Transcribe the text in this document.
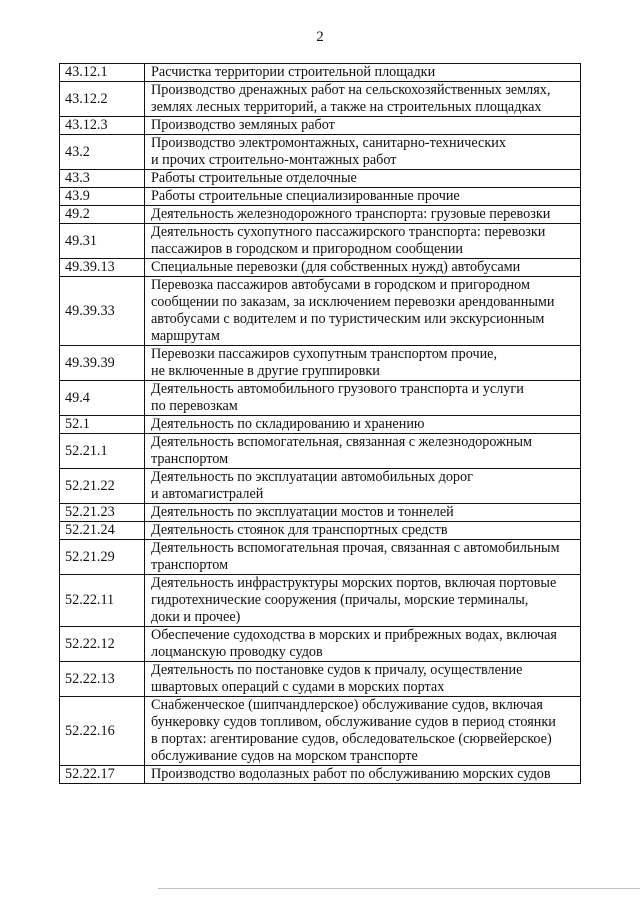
2
43.12.1	Расчистка территории строительной площадки

43.12.2	Производство дренажных работ на сельскохозяйственных землях,
землях лесных территорий, а также на строительных площадках

43.12.3	Производство земляных работ

43.2	Производство электромонтажных, санитарно-технических
и прочих строительно-монтажных работ

43.3	Работы строительные отделочные

43.9	Работы строительные специализированные прочие

49.2	Деятельность железнодорожного транспорта: грузовые перевозки

49.31	Деятельность сухопутного пассажирского транспорта: перевозки
пассажиров в городском и пригородном сообщении

49.39.13	Специальные перевозки (для собственных нужд) автобусами

49.39.33	Перевозка пассажиров автобусами в городском и пригородном
сообщении по заказам, за исключением перевозки арендованными
автобусами с водителем и по туристическим или экскурсионным
маршрутам

49.39.39	Перевозки пассажиров сухопутным транспортом прочие,
не включенные в другие группировки

49.4	Деятельность автомобильного грузового транспорта и услуги
по перевозкам

52.1	Деятельность по складированию и хранению

52.21.1	Деятельность вспомогательная, связанная с железнодорожным
транспортом

52.21.22	Деятельность по эксплуатации автомобильных дорог
и автомагистралей

52.21.23	Деятельность по эксплуатации мостов и тоннелей

52.21.24	Деятельность стоянок для транспортных средств

52.21.29	Деятельность вспомогательная прочая, связанная с автомобильным
транспортом

52.22.11	Деятельность инфраструктуры морских портов, включая портовые
гидротехнические сооружения (причалы, морские терминалы,
доки и прочее)

52.22.12	Обеспечение судоходства в морских и прибрежных водах, включая
лоцманскую проводку судов

52.22.13	Деятельность по постановке судов к причалу, осуществление
швартовых операций с судами в морских портах

52.22.16	Снабженческое (шипчандлерское) обслуживание судов, включая
бункеровку судов топливом, обслуживание судов в период стоянки
в портах: агентирование судов, обследовательское (сюрвейерское)
обслуживание судов на морском транспорте

52.22.17	Производство водолазных работ по обслуживанию морских судов
